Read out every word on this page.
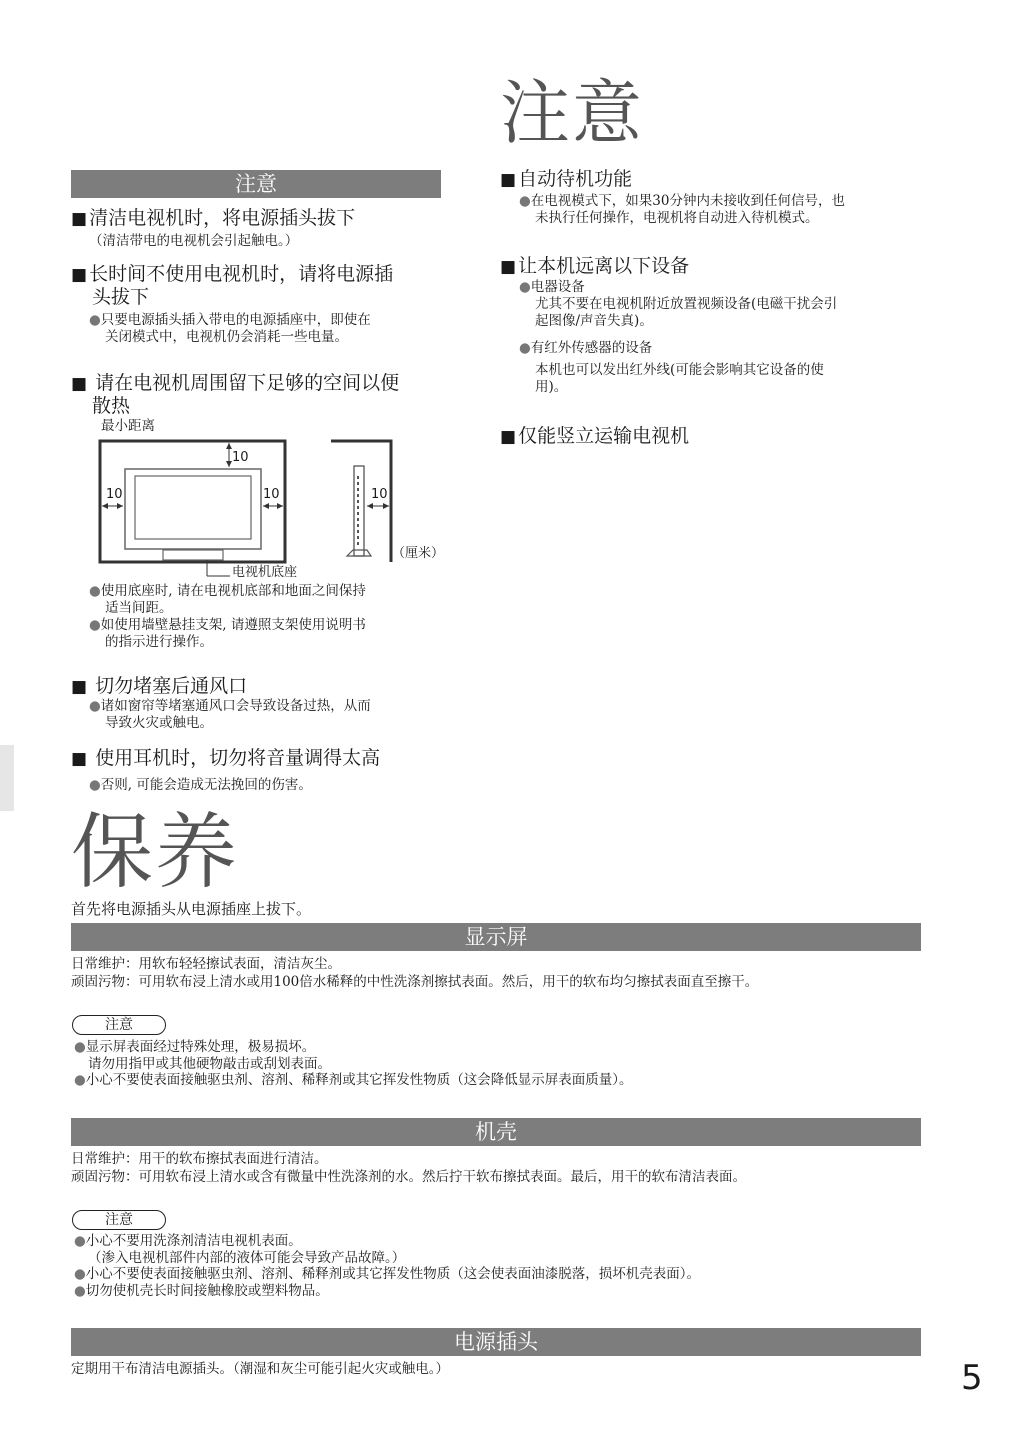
注意
注意
■ 清洁电视机时，将电源插头拔下
（清洁带电的电视机会引起触电。）
■ 长时间不使用电视机时，请将电源插
头拔下
●只要电源插头插入带电的电源插座中，即使在
关闭模式中，电视机仍会消耗一些电量。
■ 请在电视机周围留下足够的空间以便
散热
最小距离
10
10	10
电视机底座
10
（厘米）
●使用底座时, 请在电视机底部和地面之间保持
适当间距。
●如使用墙壁悬挂支架, 请遵照支架使用说明书
的指示进行操作。
■ 切勿堵塞后通风口
●诸如窗帘等堵塞通风口会导致设备过热，从而
导致火灾或触电。
■ 使用耳机时，切勿将音量调得太高
●否则, 可能会造成无法挽回的伤害。
■ 自动待机功能
●在电视模式下，如果30分钟内未接收到任何信号，也
未执行任何操作，电视机将自动进入待机模式。
■ 让本机远离以下设备
●电器设备
尤其不要在电视机附近放置视频设备(电磁干扰会引
起图像/声音失真)。
●有红外传感器的设备
本机也可以发出红外线(可能会影响其它设备的使
用)。
■ 仅能竖立运输电视机
保养
首先将电源插头从电源插座上拔下。
显示屏
日常维护：用软布轻轻擦试表面，清洁灰尘。
顽固污物：可用软布浸上清水或用100倍水稀释的中性洗涤剂擦拭表面。然后，用干的软布均匀擦拭表面直至擦干。
注意
●显示屏表面经过特殊处理，极易损坏。
请勿用指甲或其他硬物敲击或刮划表面。
●小心不要使表面接触驱虫剂、溶剂、稀释剂或其它挥发性物质（这会降低显示屏表面质量）。
机壳
日常维护：用干的软布擦拭表面进行清洁。
顽固污物：可用软布浸上清水或含有微量中性洗涤剂的水。然后拧干软布擦拭表面。最后，用干的软布清洁表面。
注意
●小心不要用洗涤剂清洁电视机表面。
（渗入电视机部件内部的液体可能会导致产品故障。）
●小心不要使表面接触驱虫剂、溶剂、稀释剂或其它挥发性物质（这会使表面油漆脱落，损坏机壳表面）。
●切勿使机壳长时间接触橡胶或塑料物品。
电源插头
定期用干布清洁电源插头。（潮湿和灰尘可能引起火灾或触电。）	5
